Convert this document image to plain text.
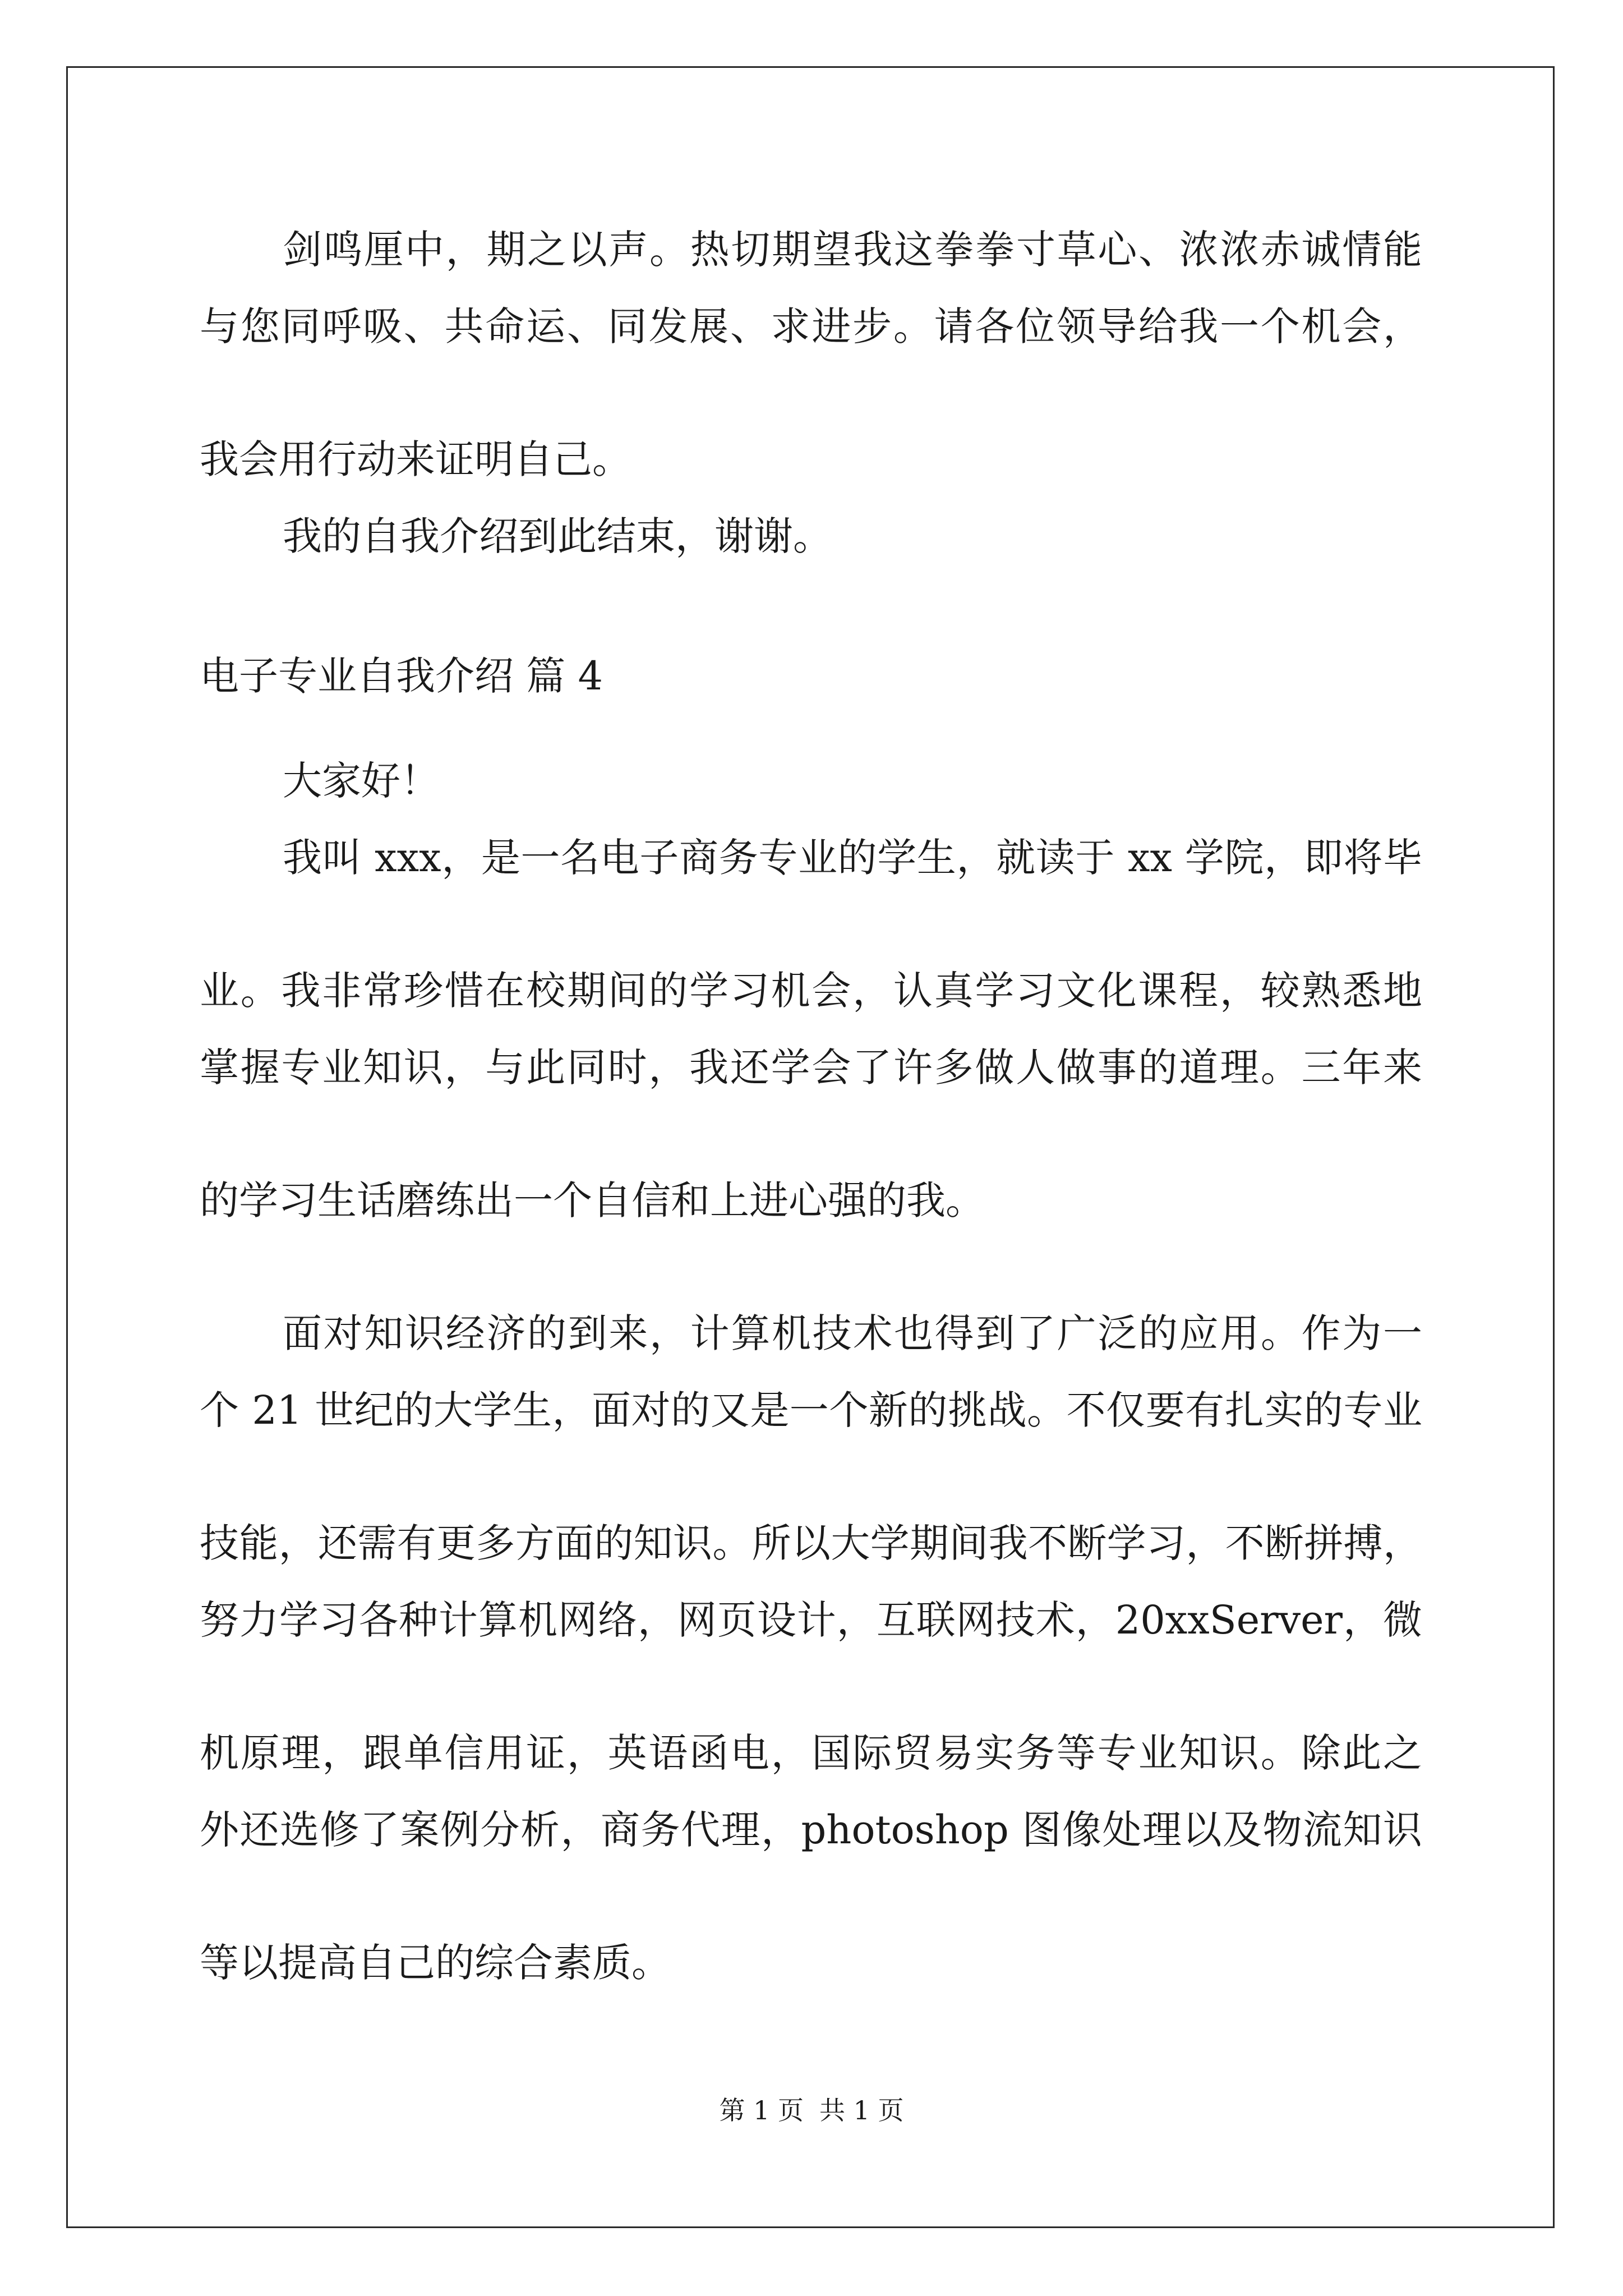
剑鸣厘中，期之以声。热切期望我这拳拳寸草心、浓浓赤诚情能
与您同呼吸、共命运、同发展、求进步。请各位领导给我一个机会，
我会用行动来证明自己。
我的自我介绍到此结束，谢谢。
电子专业自我介绍 篇 4
大家好！
我叫 xxx，是一名电子商务专业的学生，就读于 xx 学院，即将毕
业。我非常珍惜在校期间的学习机会，认真学习文化课程，较熟悉地
掌握专业知识，与此同时，我还学会了许多做人做事的道理。三年来
的学习生话磨练出一个自信和上进心强的我。
面对知识经济的到来，计算机技术也得到了广泛的应用。作为一
个 21 世纪的大学生，面对的又是一个新的挑战。不仅要有扎实的专业
技能，还需有更多方面的知识。所以大学期间我不断学习，不断拼搏，
努力学习各种计算机网络，网页设计，互联网技术，20xxServer，微
机原理，跟单信用证，英语函电，国际贸易实务等专业知识。除此之
外还选修了案例分析，商务代理，photoshop 图像处理以及物流知识
等以提高自己的综合素质。
第 1 页 共 1 页
